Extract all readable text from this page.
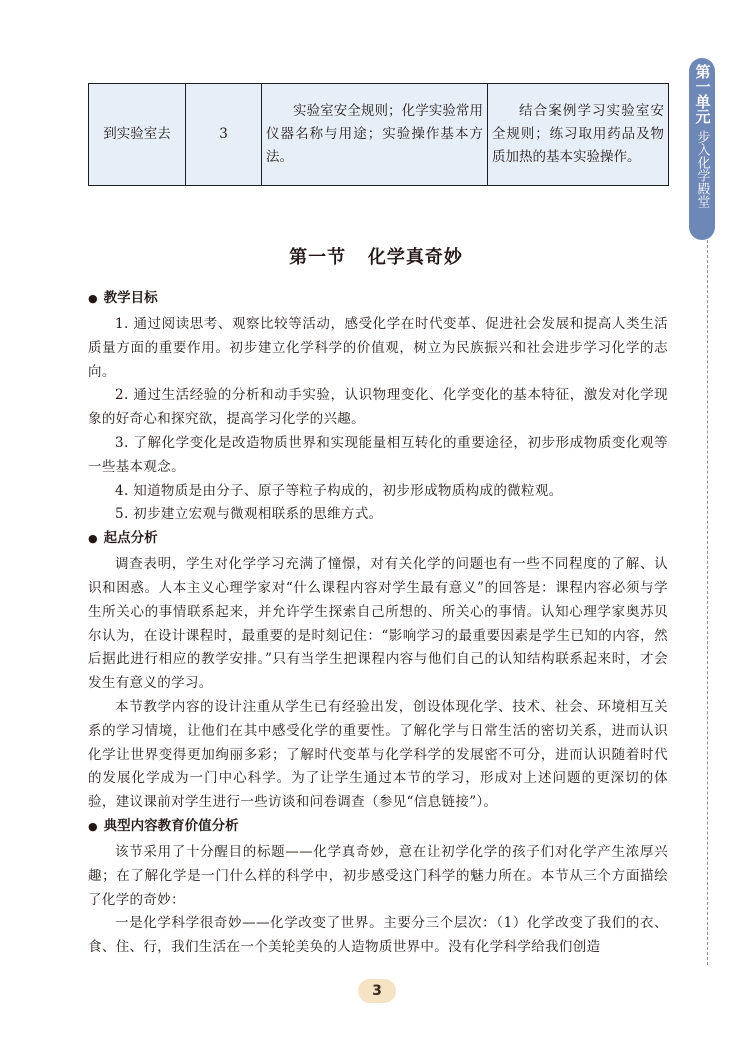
到实验室去	3	实验室安全规则；化学实验常用仪器名称与用途；实验操作基本方法。	结合案例学习实验室安全规则；练习取用药品及物质加热的基本实验操作。
第一单元
步入化学殿堂
第一节 化学真奇妙
● 教学目标

1. 通过阅读思考、观察比较等活动，感受化学在时代变革、促进社会发展和提高人类生活质量方面的重要作用。初步建立化学科学的价值观，树立为民族振兴和社会进步学习化学的志向。

2. 通过生活经验的分析和动手实验，认识物理变化、化学变化的基本特征，激发对化学现象的好奇心和探究欲，提高学习化学的兴趣。

3. 了解化学变化是改造物质世界和实现能量相互转化的重要途径，初步形成物质变化观等一些基本观念。

4. 知道物质是由分子、原子等粒子构成的，初步形成物质构成的微粒观。

5. 初步建立宏观与微观相联系的思维方式。

● 起点分析

调查表明，学生对化学学习充满了憧憬，对有关化学的问题也有一些不同程度的了解、认识和困惑。人本主义心理学家对“什么课程内容对学生最有意义”的回答是：课程内容必须与学生所关心的事情联系起来，并允许学生探索自己所想的、所关心的事情。认知心理学家奥苏贝尔认为，在设计课程时，最重要的是时刻记住：“影响学习的最重要因素是学生已知的内容，然后据此进行相应的教学安排。”只有当学生把课程内容与他们自己的认知结构联系起来时，才会发生有意义的学习。

本节教学内容的设计注重从学生已有经验出发，创设体现化学、技术、社会、环境相互关系的学习情境，让他们在其中感受化学的重要性。了解化学与日常生活的密切关系，进而认识化学让世界变得更加绚丽多彩；了解时代变革与化学科学的发展密不可分，进而认识随着时代的发展化学成为一门中心科学。为了让学生通过本节的学习，形成对上述问题的更深切的体验，建议课前对学生进行一些访谈和问卷调查（参见“信息链接”）。

● 典型内容教育价值分析

该节采用了十分醒目的标题——化学真奇妙，意在让初学化学的孩子们对化学产生浓厚兴趣；在了解化学是一门什么样的科学中，初步感受这门科学的魅力所在。本节从三个方面描绘了化学的奇妙：

一是化学科学很奇妙——化学改变了世界。主要分三个层次：（1）化学改变了我们的衣、食、住、行，我们生活在一个美轮美奂的人造物质世界中。没有化学科学给我们创造

3
